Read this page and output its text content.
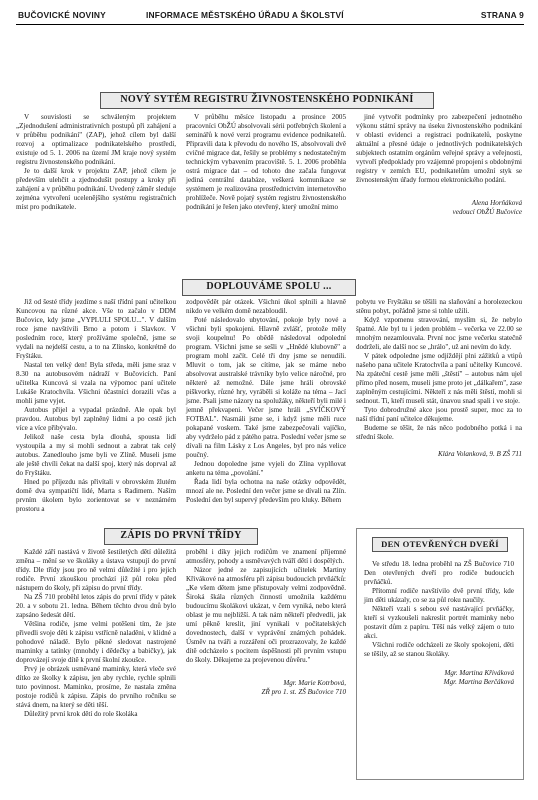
BUČOVICKÉ NOVINY	INFORMACE MĚSTSKÉHO ÚŘADU A ŠKOLSTVÍ	STRANA 9
NOVÝ SYTÉM REGISTRU ŽIVNOSTENSKÉHO PODNIKÁNÍ

V souvislosti se schváleným projektem „Zjednodušení administrativních postupů při zahájení a v průběhu podnikání" (ZAP), jehož cílem byl další rozvoj a optimalizace podnikatelského prostředí, existuje od 5. 1. 2006 na území JM kraje nový systém registru živnostenského podnikání.

Je to další krok v projektu ZAP, jehož cílem je především ulehčit a zjednodušit postupy a kroky při zahájení a v průběhu podnikání. Uvedený záměr sleduje zejména vytvoření ucelenějšího systému registračních míst pro podnikatele.

V průběhu měsíce listopadu a prosince 2005 pracovníci ObŽÚ absolvovali sérii potřebných školení a seminářů k nové verzi programu evidence podnikatelů. Připravili data k převodu do nového IS, absolvovali dvě cvičné migrace dat, řešily se problémy s nedostatečným technickým vybavením pracoviště. 5. 1. 2006 proběhla ostrá migrace dat – od tohoto dne začala fungovat jediná centrální databáze, veškerá komunikace se systémem je realizována prostřednictvím internetového prohlížeče. Nově pojatý systém registru živnostenského podnikání je řešen jako otevřený, který umožní mimo

jiné vytvořit podmínky pro zabezpečení jednotného výkonu státní správy na úseku živnostenského podnikání v oblasti evidenci a registraci podnikatelů, poskytne aktuální a přesné údaje o jednotlivých podnikatelských subjektech ostatním orgánům veřejné správy a veřejnosti, vytvoří předpoklady pro vzájemné propojení s obdobnými registry v zemích EU, podnikatelům umožní styk se živnostenským úřady formou elektronického podání.

Alena Horňáková

vedoucí ObŽÚ Bučovice

DOPLOUVÁME SPOLU ...

Již od šesté třídy jezdíme s naší třídní paní učitelkou Kuncovou na různé akce. Vše to začalo v DDM Bučovice, kdy jsme „VYPLULI SPOLU...". V dalším roce jsme navštívili Brno a potom i Slavkov. V posledním roce, který prožíváme společně, jsme se vydali na nejdelší cestu, a to na Zlínsko, konkrétně do Fryštáku.

Nastal ten velký den! Byla středa, měli jsme sraz v 8.30 na autobusovém nádraží v Bučovicích. Paní učitelka Kuncová si vzala na výpomoc paní učitele Lukáše Kratochvíla. Všichni účastníci dorazili včas a mohli jsme vyjet.

Autobus přijel a vypadal prázdně. Ale opak byl pravdou. Autobus byl zaplněný lidmi a po cestě jich více a více přibývalo.

Jelikož naše cesta byla dlouhá, spousta lidí vystoupila a my si mohli sednout a zabrat tak celý autobus. Zanedlouho jsme byli ve Zlíně. Museli jsme ale ještě chvíli čekat na další spoj, který nás doprval až do Fryštáku.

Hned po příjezdu nás přivítali v obrovském žlutém domě dva sympatičtí lidé, Marta s Radimem. Naším prvním úkolem bylo zorientovat se v neznámém prostoru a

zodpovědět pár otázek. Všichni úkol splnili a hlavně nikdo ve velkém domě nezabloudil.

Poté následovalo ubytování, pokoje byly nové a všichni byli spokojeni. Hlavně zvlášť, protože měly svoji koupelnu! Po obědě následoval odpolední program. Všichni jsme se sešli v „Hnědé klubovně" a program mohl začít. Celé tři dny jsme se nenudili. Mluvit o tom, jak se cítíme, jak se máme nebo absolvovat australské trávníky bylo velice náročné, pro některé až nemožné. Dále jsme hráli obrovské piškvorky, různé hry, vyráběli si koláže na téma – Jací jsme. Psali jsme názory na spolužáky, někteří byli milé i jemně překvapeni. Večer jsme hráli „SVÍČKOVÝ FOTBAL". Nasmáli jsme se, i když jsme měli ruce pokapané voskem. Také jsme zabezpečovali vajíčko, aby vydrželo pád z pátého patra. Poslední večer jsme se dívali na film Lásky z Los Angeles, byl pro nás velice poučný.

Jednou dopoledne jsme vyjeli do Zlína vyplňovat anketu na téma „povolání."

Řada lidí byla ochotna na naše otázky odpovědět, mnozí ale ne. Poslední den večer jsme se dívali na Zlín. Poslední den byl supervý především pro kluky. Během

pobytu ve Fryštáku se těšili na slaňování a horolezeckou stěnu pobyt, pořádně jsme si tohle užili.

Když vzpomenu stravování, myslím si, že nebylo špatné. Ale byl tu i jeden problém – večerka ve 22.00 se mnohým nezamlouvala. První noc jsme večerku statečně dodrželi, ale další noc se „hrálo", už ani nevím do kdy.

V pátek odpoledne jsme odjíždějí plni zážitků a vtipů našeho pana učitele Kratochvíla a paní učitelky Kuncové. Na zpáteční cestě jsme měli „štěstí" – autobus nám ujel přímo před nosem, museli jsme proto jet „dálkařem", zase zaplněným cestujícími. Někteří z nás měli štěstí, mohli si sednout. Ti, kteří museli stát, únavou snad spali i ve stoje.

Tyto dobrodružné akce jsou prostě super, moc za to naší třídní paní učitelce děkujeme.

Budeme se těšit, že nás něco podobného potká i na střední škole.

Klára Volanková, 9. B ZŠ 711

ZÁPIS DO PRVNÍ TŘÍDY

Každé září nastává v životě šestiletých dětí důležitá změna – mění se ve školáky a ústava vstupují do první třídy. Dle třídy jsou pro ně velmi důležité i pro jejich rodiče. První zkouškou prochází již půl roku před nástupem do školy, při zápisu do první třídy.

Na ZŠ 710 proběhl letos zápis do první třídy v pátek 20. a v sobotu 21. ledna. Během těchto dvou dnů bylo zapsáno šedesát dětí.

Většina rodiče, jsme velmi potěšeni tím, že jste přivedli svoje děti k zápisu vstřícně naladěni, v klidné a pohodové náladě. Bylo pěkné sledovat nastrojené maminky a tatínky (mnohdy i dědečky a babičky), jak doprovázejí svoje dítě k první školní zkoušce.

Prvý je obrázek usměvané maminky, která vleče své dítko ze školky k zápisu, jen aby rychle, rychle splnili tuto povinnost. Maminko, prosíme, že nastala změna postoje rodičů k zápisu. Zápis do prvního ročníku se stává dnem, na který se děti těší.

Důležitý první krok dětí do role školáka

proběhl i díky jejich rodičům ve znamení příjemné atmosféry, pohody a usměvavých tváří dětí i dospělých.

Názor jedné ze zapisujících učitelek Martiny Křivákové na atmosféru při zápisu budoucích prvňáčků: „Ke všem dětem jsme přistupovaly velmi zodpovědně. Široká škála různých činností umožnila každému budoucímu školákovi ukázat, v čem vyniká, nebo která oblast je mu nejbližší. A tak nám někteří předvedli, jak umí pěkně kreslit, jiní vynikali v počítatelských dovednostech, další v vyprávění známých pohádek. Úsměv na tváři a rozzáření oči prozrazovaly, že každé dítě odcházelo s pocitem úspěšnosti při prvním vstupu do školy. Děkujeme za projevenou důvěru."

Mgr. Marie Kotrbová,

ZŘ pro 1. st. ZŠ Bučovice 710

DEN OTEVŘENÝCH DVEŘÍ

Ve středu 18. ledna proběhl na ZŠ Bučovice 710 Den otevřených dveří pro rodiče budoucích prvňáčků.

Přítomní rodiče navštívilo dvě první třídy, kde jim děti ukázaly, co se za půl roku naučily.

Někteří vzali s sebou své nastávající prvňáčky, kteří si vyzkoušeli nakreslit portrét maminky nebo postavit dům z papíru. Těší nás velký zájem o tuto akci.

Všichni rodiče odcházeli ze školy spokojeni, děti se těšily, až se stanou školáky.

Mgr. Martina Křiváková

Mgr. Martina Berčáková
